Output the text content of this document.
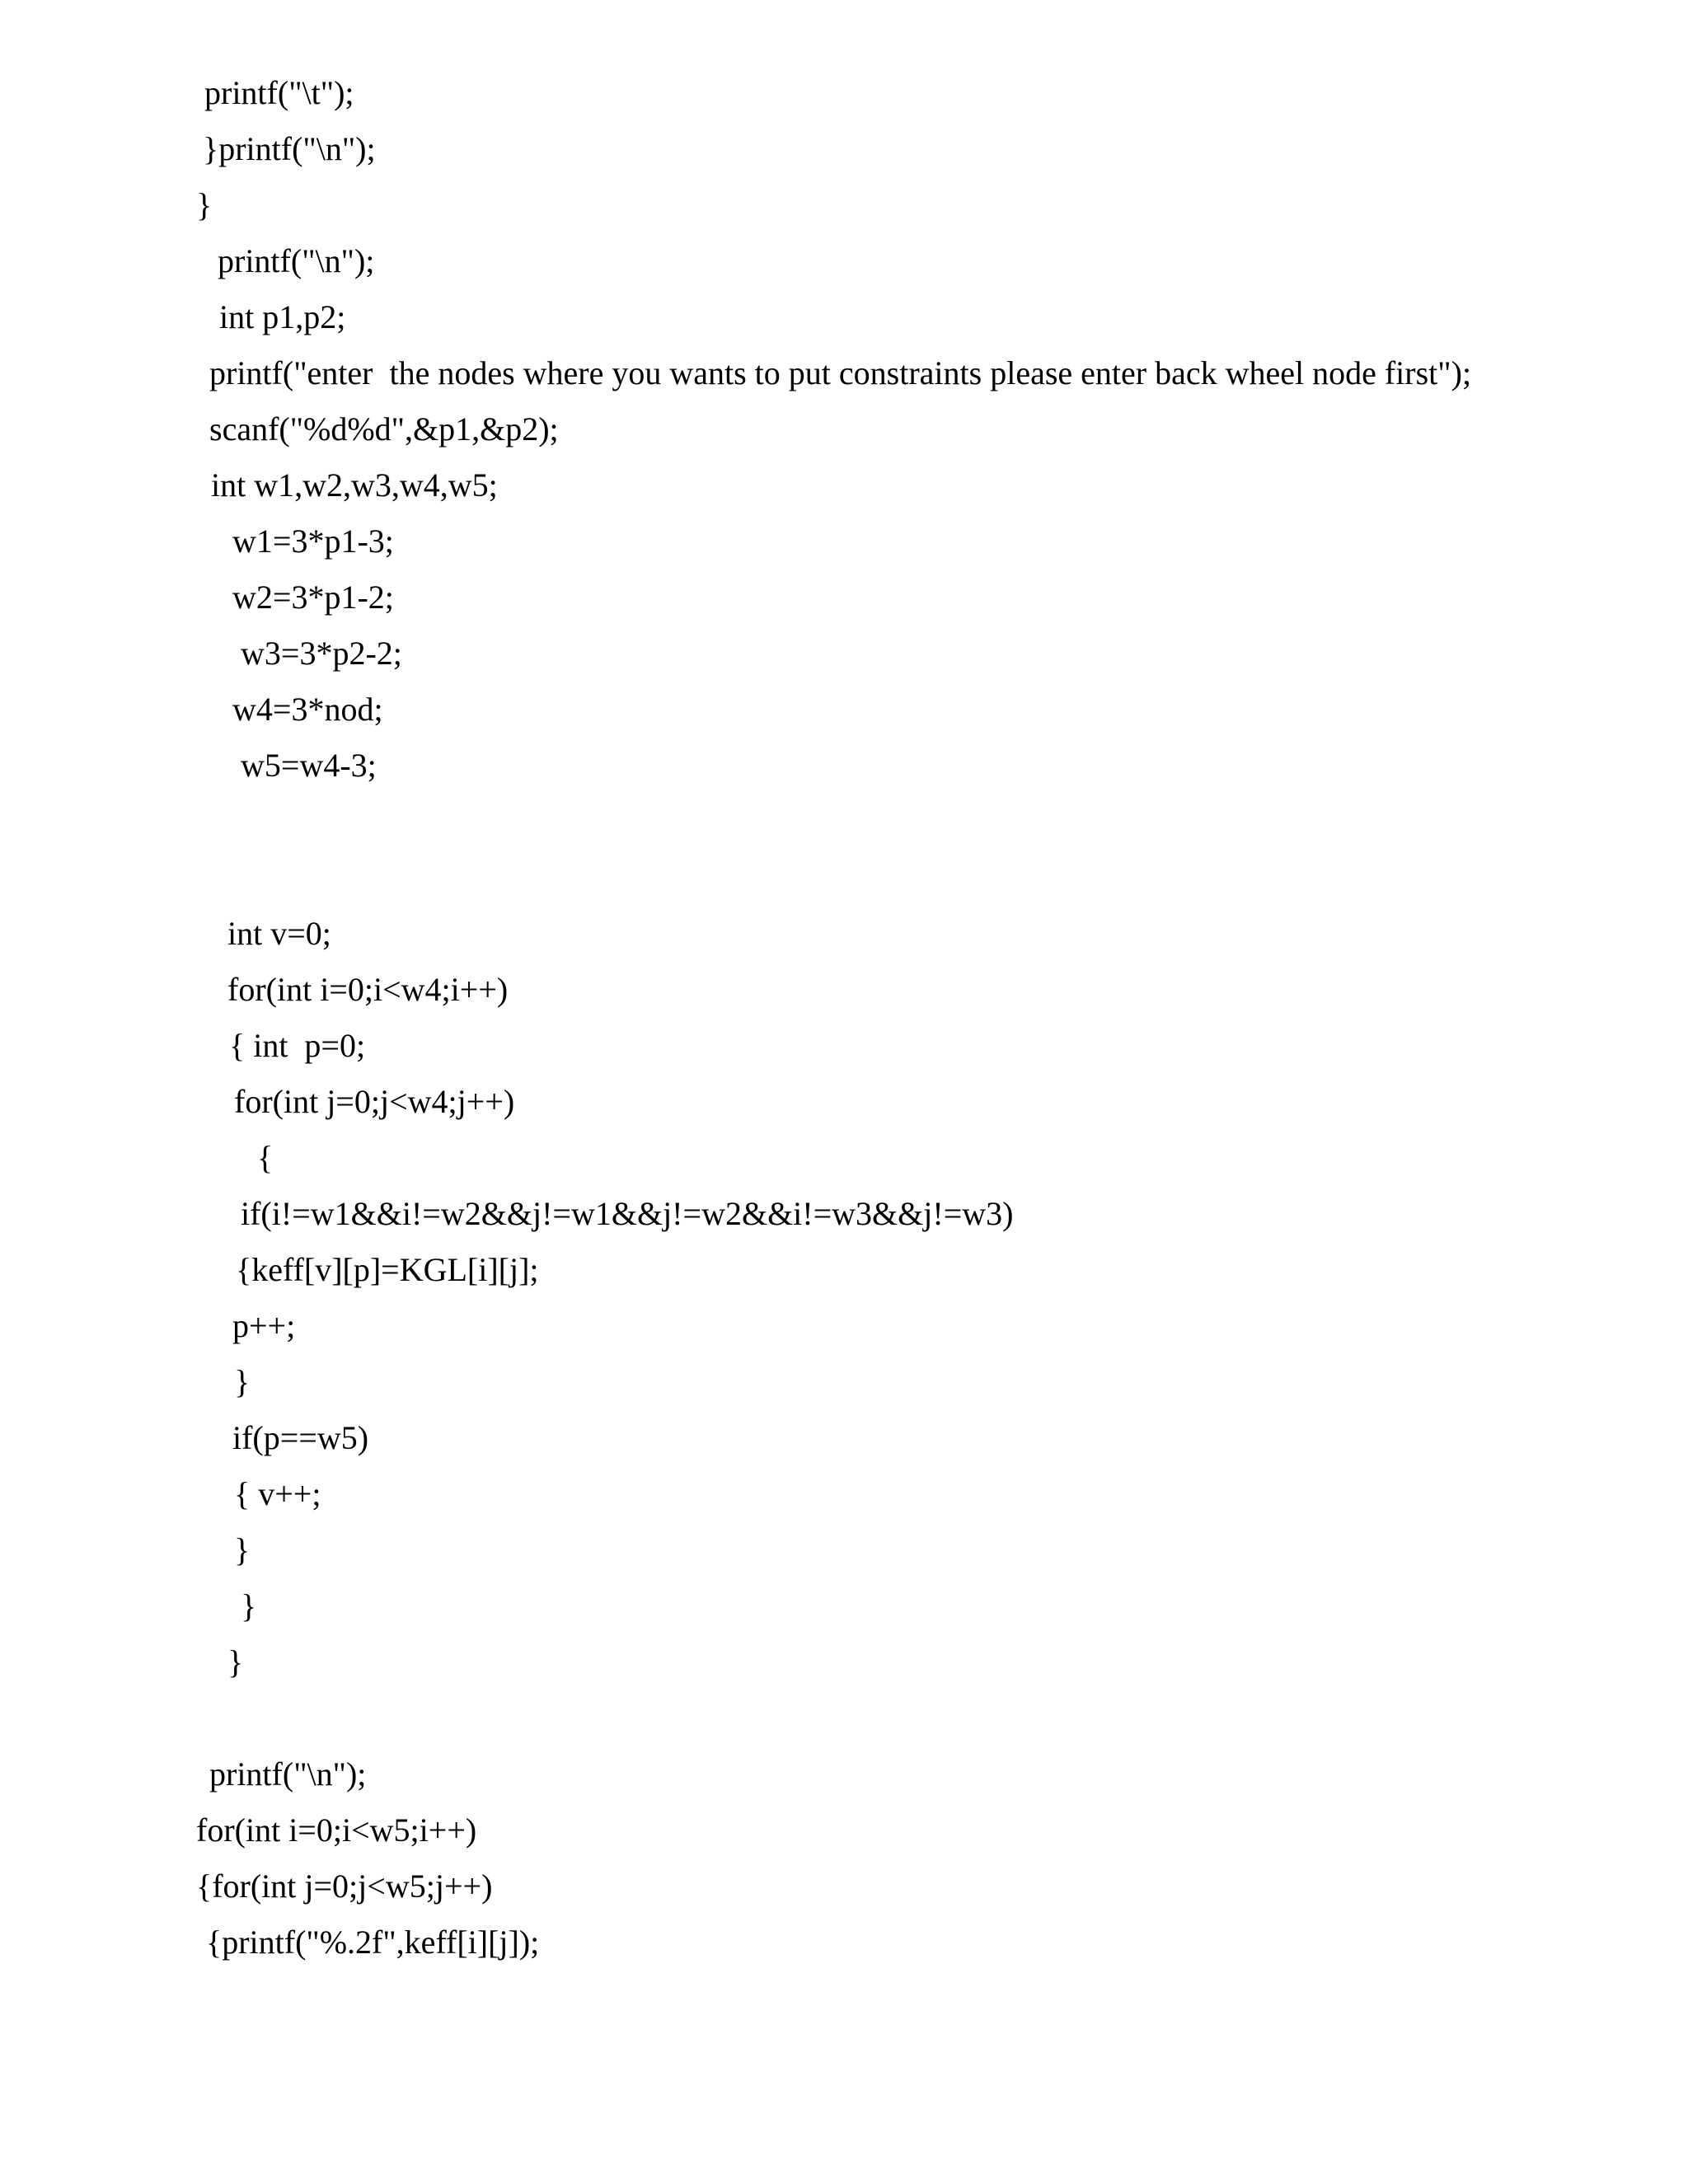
printf("\t");

}printf("\n");

}

printf("\n");

int p1,p2;

printf("enter  the nodes where you wants to put constraints please enter back wheel node first");

scanf("%d%d",&p1,&p2);

int w1,w2,w3,w4,w5;

w1=3*p1-3;

w2=3*p1-2;

w3=3*p2-2;

w4=3*nod;

w5=w4-3;

int v=0;

for(int i=0;i<w4;i++)

{ int  p=0;

for(int j=0;j<w4;j++)

{

if(i!=w1&&i!=w2&&j!=w1&&j!=w2&&i!=w3&&j!=w3)

{keff[v][p]=KGL[i][j];

p++;

}

if(p==w5)

{ v++;

}

}

}

printf("\n");

for(int i=0;i<w5;i++)

{for(int j=0;j<w5;j++)

{printf("%.2f",keff[i][j]);
